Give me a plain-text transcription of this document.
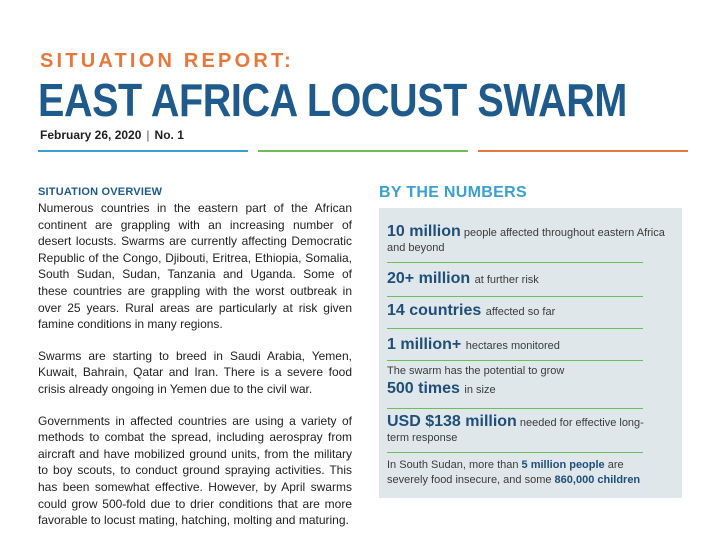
SITUATION REPORT:
EAST AFRICA LOCUST SWARM
February 26, 2020 | No. 1
SITUATION OVERVIEW

Numerous countries in the eastern part of the African continent are grappling with an increasing number of desert locusts. Swarms are currently affecting Democratic Republic of the Congo, Djibouti, Eritrea, Ethiopia, Somalia, South Sudan, Sudan, Tanzania and Uganda. Some of these countries are grappling with the worst outbreak in over 25 years. Rural areas are particularly at risk given famine conditions in many regions.

Swarms are starting to breed in Saudi Arabia, Yemen, Kuwait, Bahrain, Qatar and Iran. There is a severe food crisis already ongoing in Yemen due to the civil war.

Governments in affected countries are using a variety of methods to combat the spread, including aerospray from aircraft and have mobilized ground units, from the military to boy scouts, to conduct ground spraying activities. This has been somewhat effective. However, by April swarms could grow 500-fold due to drier conditions that are more favorable to locust mating, hatching, molting and maturing.

BY THE NUMBERS
10 million people affected throughout eastern Africa and beyond
20+ million at further risk
14 countries affected so far
1 million+ hectares monitored
The swarm has the potential to grow
500 times in size
USD $138 million needed for effective long-term response
In South Sudan, more than 5 million people are severely food insecure, and some 860,000 children
